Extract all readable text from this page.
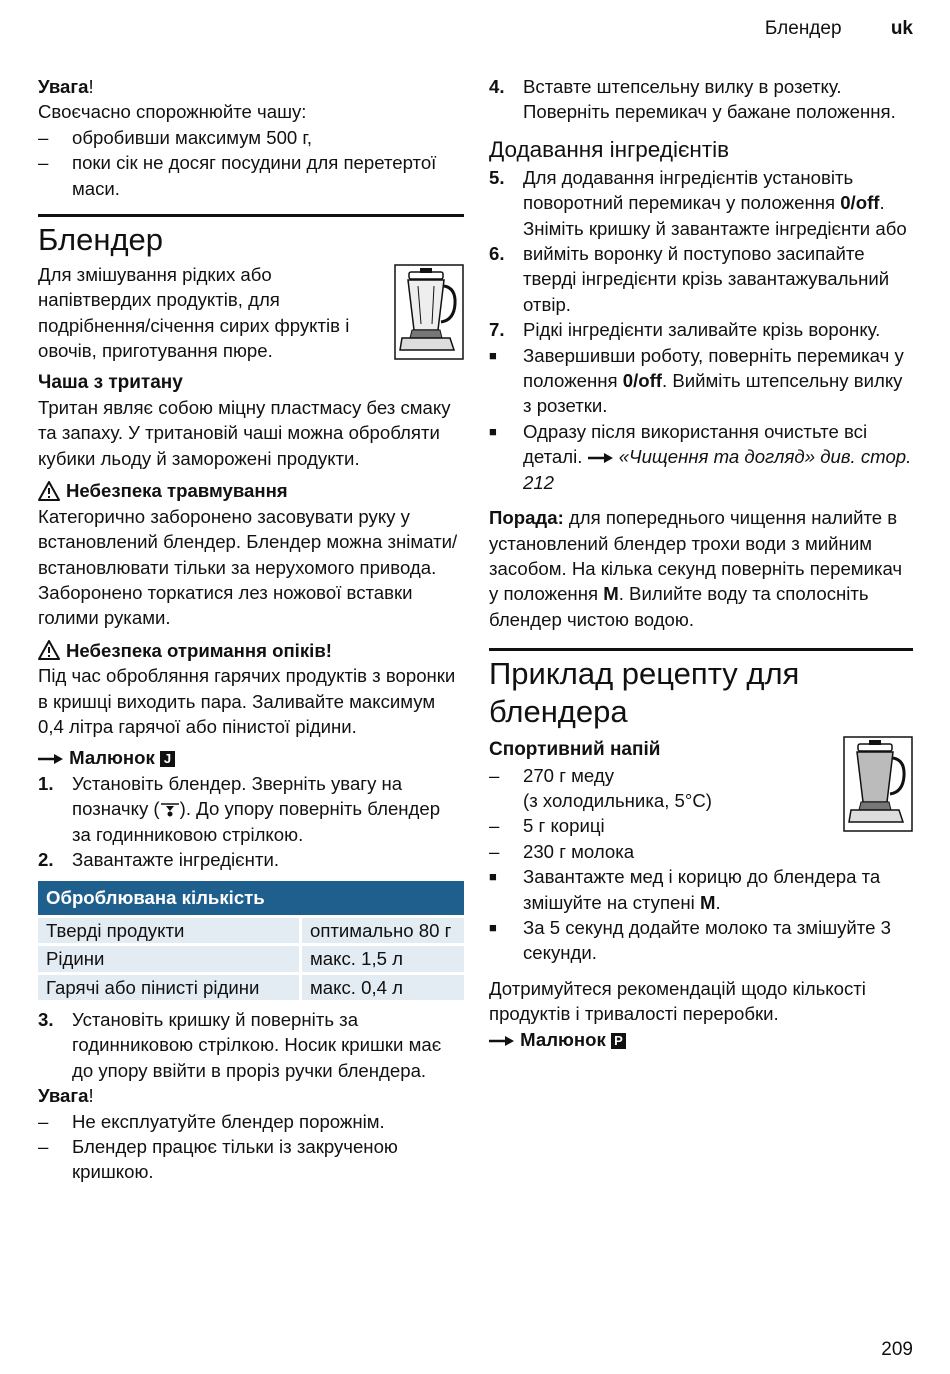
Блендер	uk

Увага!

Своєчасно спорожнюйте чашу:

– обробивши максимум 500 г,

– поки сік не досяг посудини для перетертої маси.

Блендер

Для змішування рідких або напівтвердих продуктів, для подрібнення/січення сирих фруктів і овочів, приготування пюре.

Чаша з тритану

Тритан являє собою міцну пластмасу без смаку та запаху. У тритановій чаші можна обробляти кубики льоду й заморожені продукти.

Небезпека травмування

Категорично заборонено засовувати руку у встановлений блендер. Блендер можна знімати/встановлювати тільки за нерухомого привода. Заборонено торкатися лез ножової вставки голими руками.

Небезпека отримання опіків!

Під час обробляння гарячих продуктів з воронки в кришці виходить пара. Заливайте максимум 0,4 літра гарячої або пінистої рідини.

Малюнок J

1. Установіть блендер. Зверніть увагу на позначку ( ). До упору поверніть блендер за годинниковою стрілкою.

2. Завантажте інгредієнти.

Оброблювана кількість	
Тверді продукти	оптимально 80 г
Рідини	макс. 1,5 л
Гарячі або пінисті рідини	макс. 0,4 л

3. Установіть кришку й поверніть за годинниковою стрілкою. Носик кришки має до упору ввійти в проріз ручки блендера.

Увага!

– Не експлуатуйте блендер порожнім.

– Блендер працює тільки із закрученою кришкою.

4. Вставте штепсельну вилку в розетку. Поверніть перемикач у бажане положення.

Додавання інгредієнтів

5. Для додавання інгредієнтів установіть поворотний перемикач у положення 0/off. Зніміть кришку й завантажте інгредієнти або

6. вийміть воронку й поступово засипайте тверді інгредієнти крізь завантажувальний отвір.

7. Рідкі інгредієнти заливайте крізь воронку.

■ Завершивши роботу, поверніть перемикач у положення 0/off. Вийміть штепсельну вилку з розетки.

■ Одразу після використання очистьте всі деталі.  «Чищення та догляд» див. стор. 212

Порада: для попереднього чищення налийте в установлений блендер трохи води з мийним засобом. На кілька секунд поверніть перемикач у положення M. Вилийте воду та сполосніть блендер чистою водою.

Приклад рецепту для блендера

Спортивний напій

– 270 г меду

(з холодильника, 5°C)

– 5 г кориці

– 230 г молока

■ Завантажте мед і корицю до блендера та змішуйте на ступені M.

■ За 5 секунд додайте молоко та змішуйте 3 секунди.

Дотримуйтеся рекомендацій щодо кількості продуктів і тривалості переробки.

Малюнок P

209
